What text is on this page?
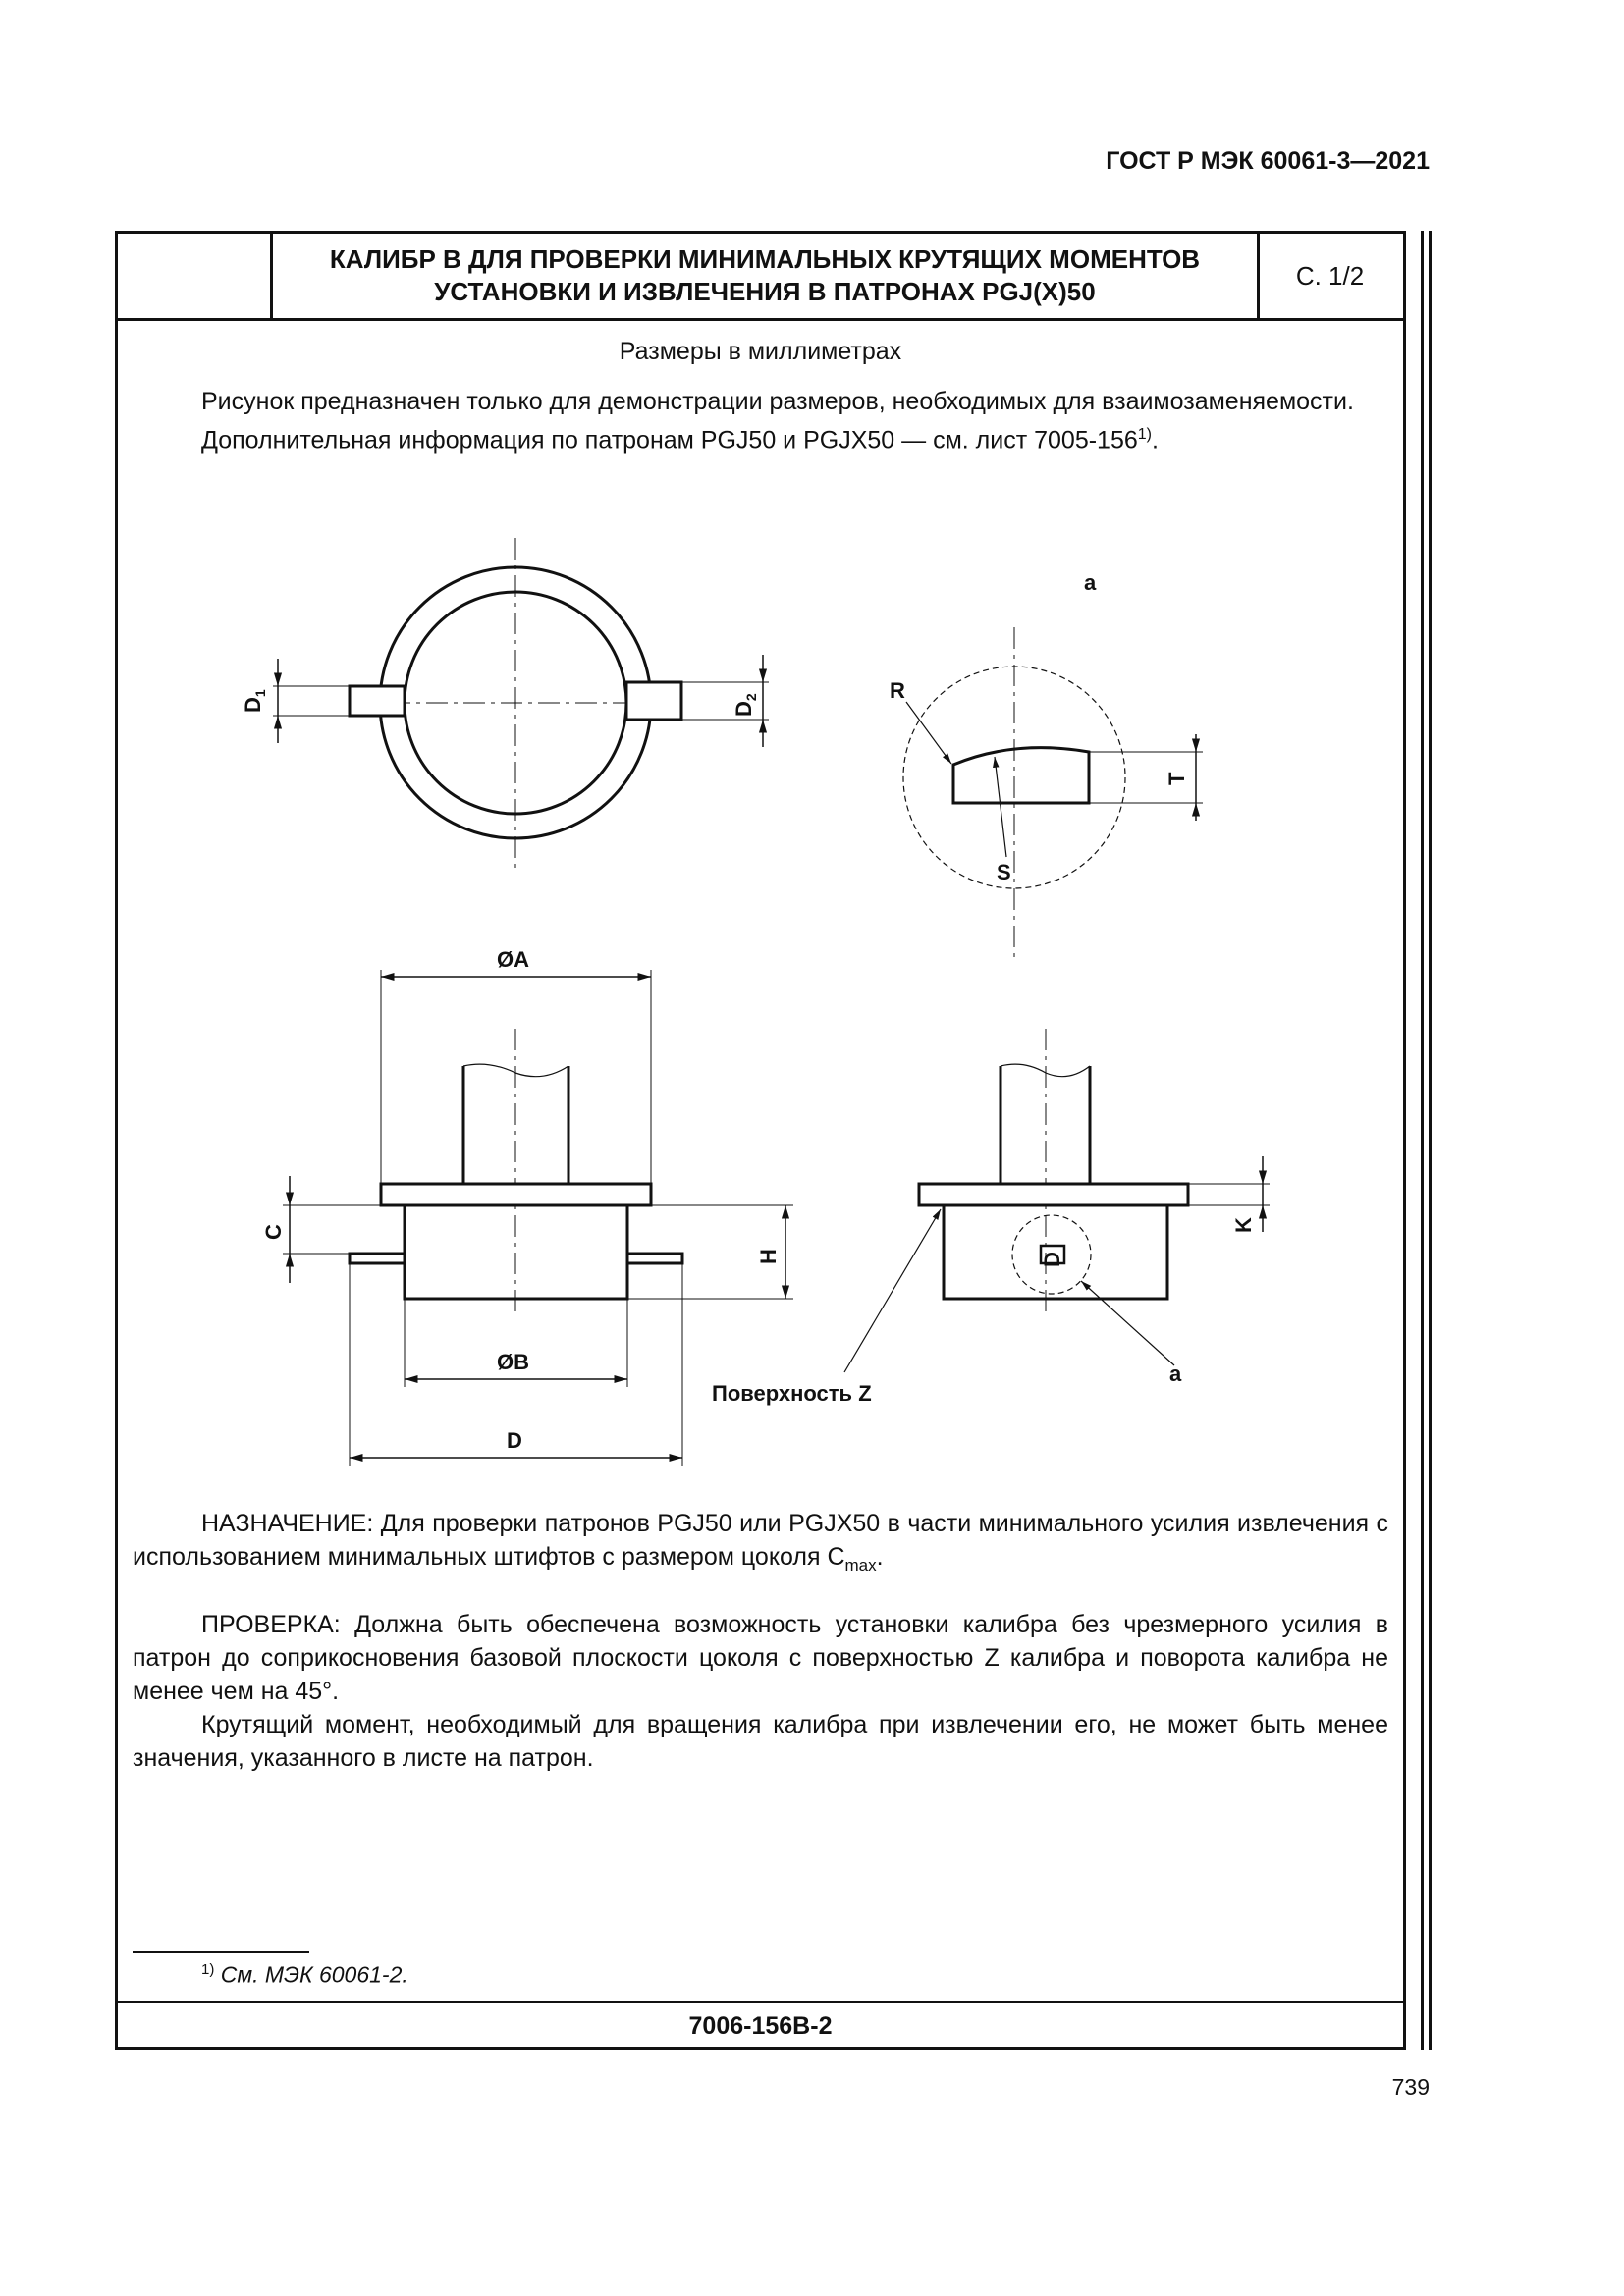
ГОСТ Р МЭК 60061-3—2021
КАЛИБР В ДЛЯ ПРОВЕРКИ МИНИМАЛЬНЫХ КРУТЯЩИХ МОМЕНТОВ
УСТАНОВКИ И ИЗВЛЕЧЕНИЯ В ПАТРОНАХ PGJ(X)50
С. 1/2
Размеры в миллиметрах

Рисунок предназначен только для демонстрации размеров, необходимых для взаимозаменяемости.

Дополнительная информация по патронам PGJ50 и PGJX50 — см. лист 7005-156$^{1)}$.

$D_1$
$D_2$
a
R
S
T
ØA
ØB
D
C
H
K
D
Поверхность Z
a

НАЗНАЧЕНИЕ: Для проверки патронов PGJ50 или PGJX50 в части минимального усилия извлечения с использованием минимальных штифтов с размером цоколя $C_{max}$.

ПРОВЕРКА: Должна быть обеспечена возможность установки калибра без чрезмерного усилия в патрон до соприкосновения базовой плоскости цоколя с поверхностью Z калибра и поворота калибра не менее чем на 45°.

Крутящий момент, необходимый для вращения калибра при извлечении его, не может быть менее значения, указанного в листе на патрон.

$^{1)}$ См. МЭК 60061-2.
7006-156B-2
739
